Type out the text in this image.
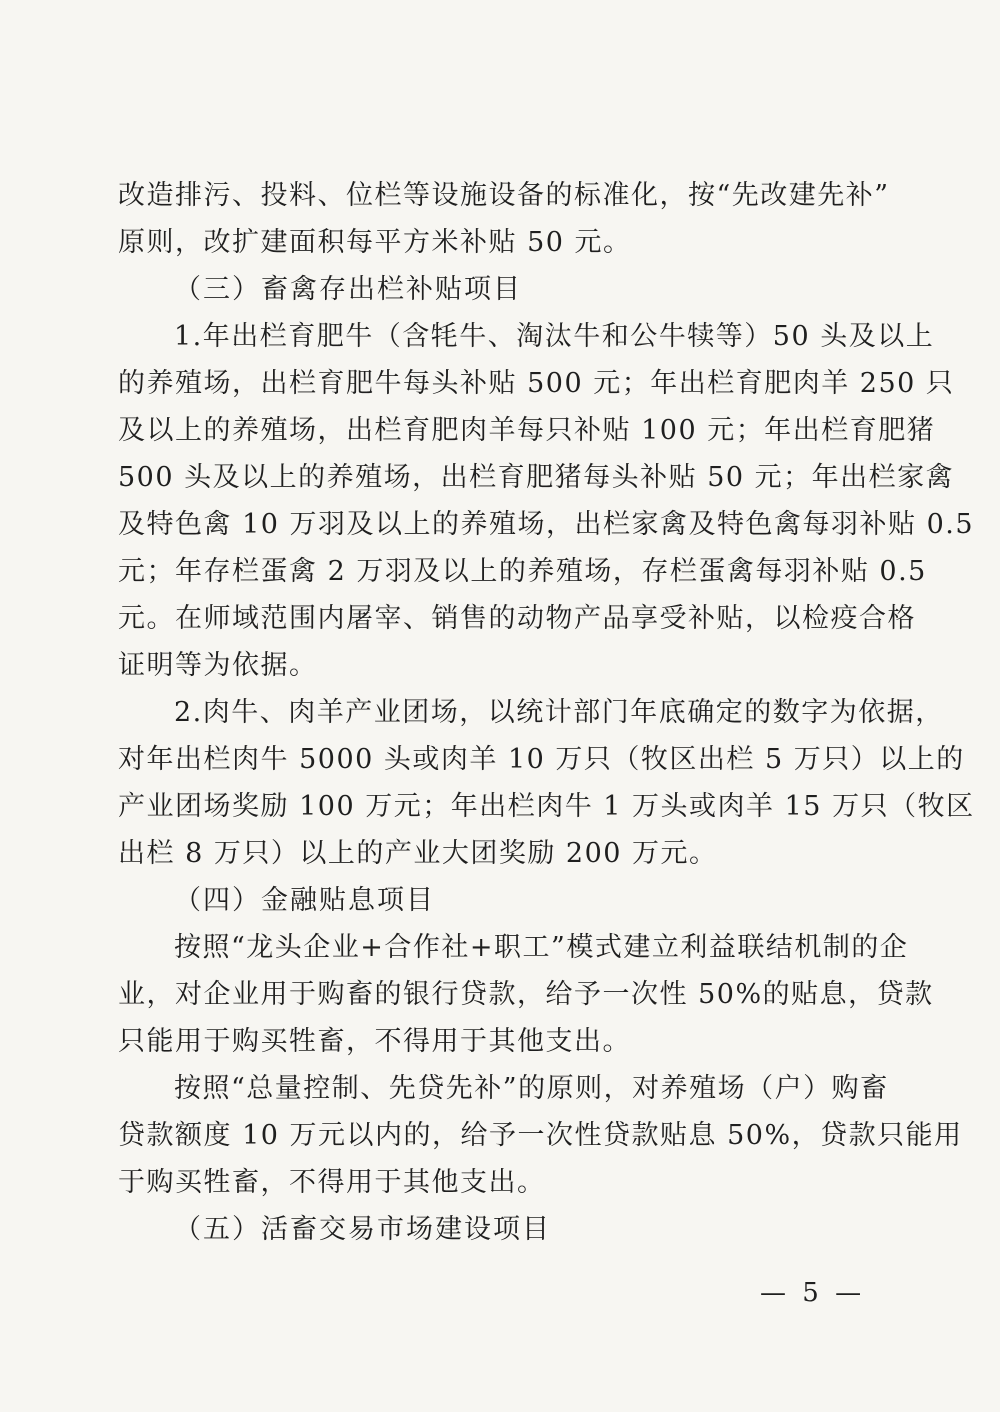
改造排污、投料、位栏等设施设备的标准化，按“先改建先补”
原则，改扩建面积每平方米补贴 50 元。
（三）畜禽存出栏补贴项目
1.年出栏育肥牛（含牦牛、淘汰牛和公牛犊等）50 头及以上
的养殖场，出栏育肥牛每头补贴 500 元；年出栏育肥肉羊 250 只
及以上的养殖场，出栏育肥肉羊每只补贴 100 元；年出栏育肥猪
500 头及以上的养殖场，出栏育肥猪每头补贴 50 元；年出栏家禽
及特色禽 10 万羽及以上的养殖场，出栏家禽及特色禽每羽补贴 0.5
元；年存栏蛋禽 2 万羽及以上的养殖场，存栏蛋禽每羽补贴 0.5
元。在师域范围内屠宰、销售的动物产品享受补贴，以检疫合格
证明等为依据。
2.肉牛、肉羊产业团场，以统计部门年底确定的数字为依据，
对年出栏肉牛 5000 头或肉羊 10 万只（牧区出栏 5 万只）以上的
产业团场奖励 100 万元；年出栏肉牛 1 万头或肉羊 15 万只（牧区
出栏 8 万只）以上的产业大团奖励 200 万元。
（四）金融贴息项目
按照“龙头企业+合作社+职工”模式建立利益联结机制的企
业，对企业用于购畜的银行贷款，给予一次性 50%的贴息，贷款
只能用于购买牲畜，不得用于其他支出。
按照“总量控制、先贷先补”的原则，对养殖场（户）购畜
贷款额度 10 万元以内的，给予一次性贷款贴息 50%，贷款只能用
于购买牲畜，不得用于其他支出。
（五）活畜交易市场建设项目
— 5 —
